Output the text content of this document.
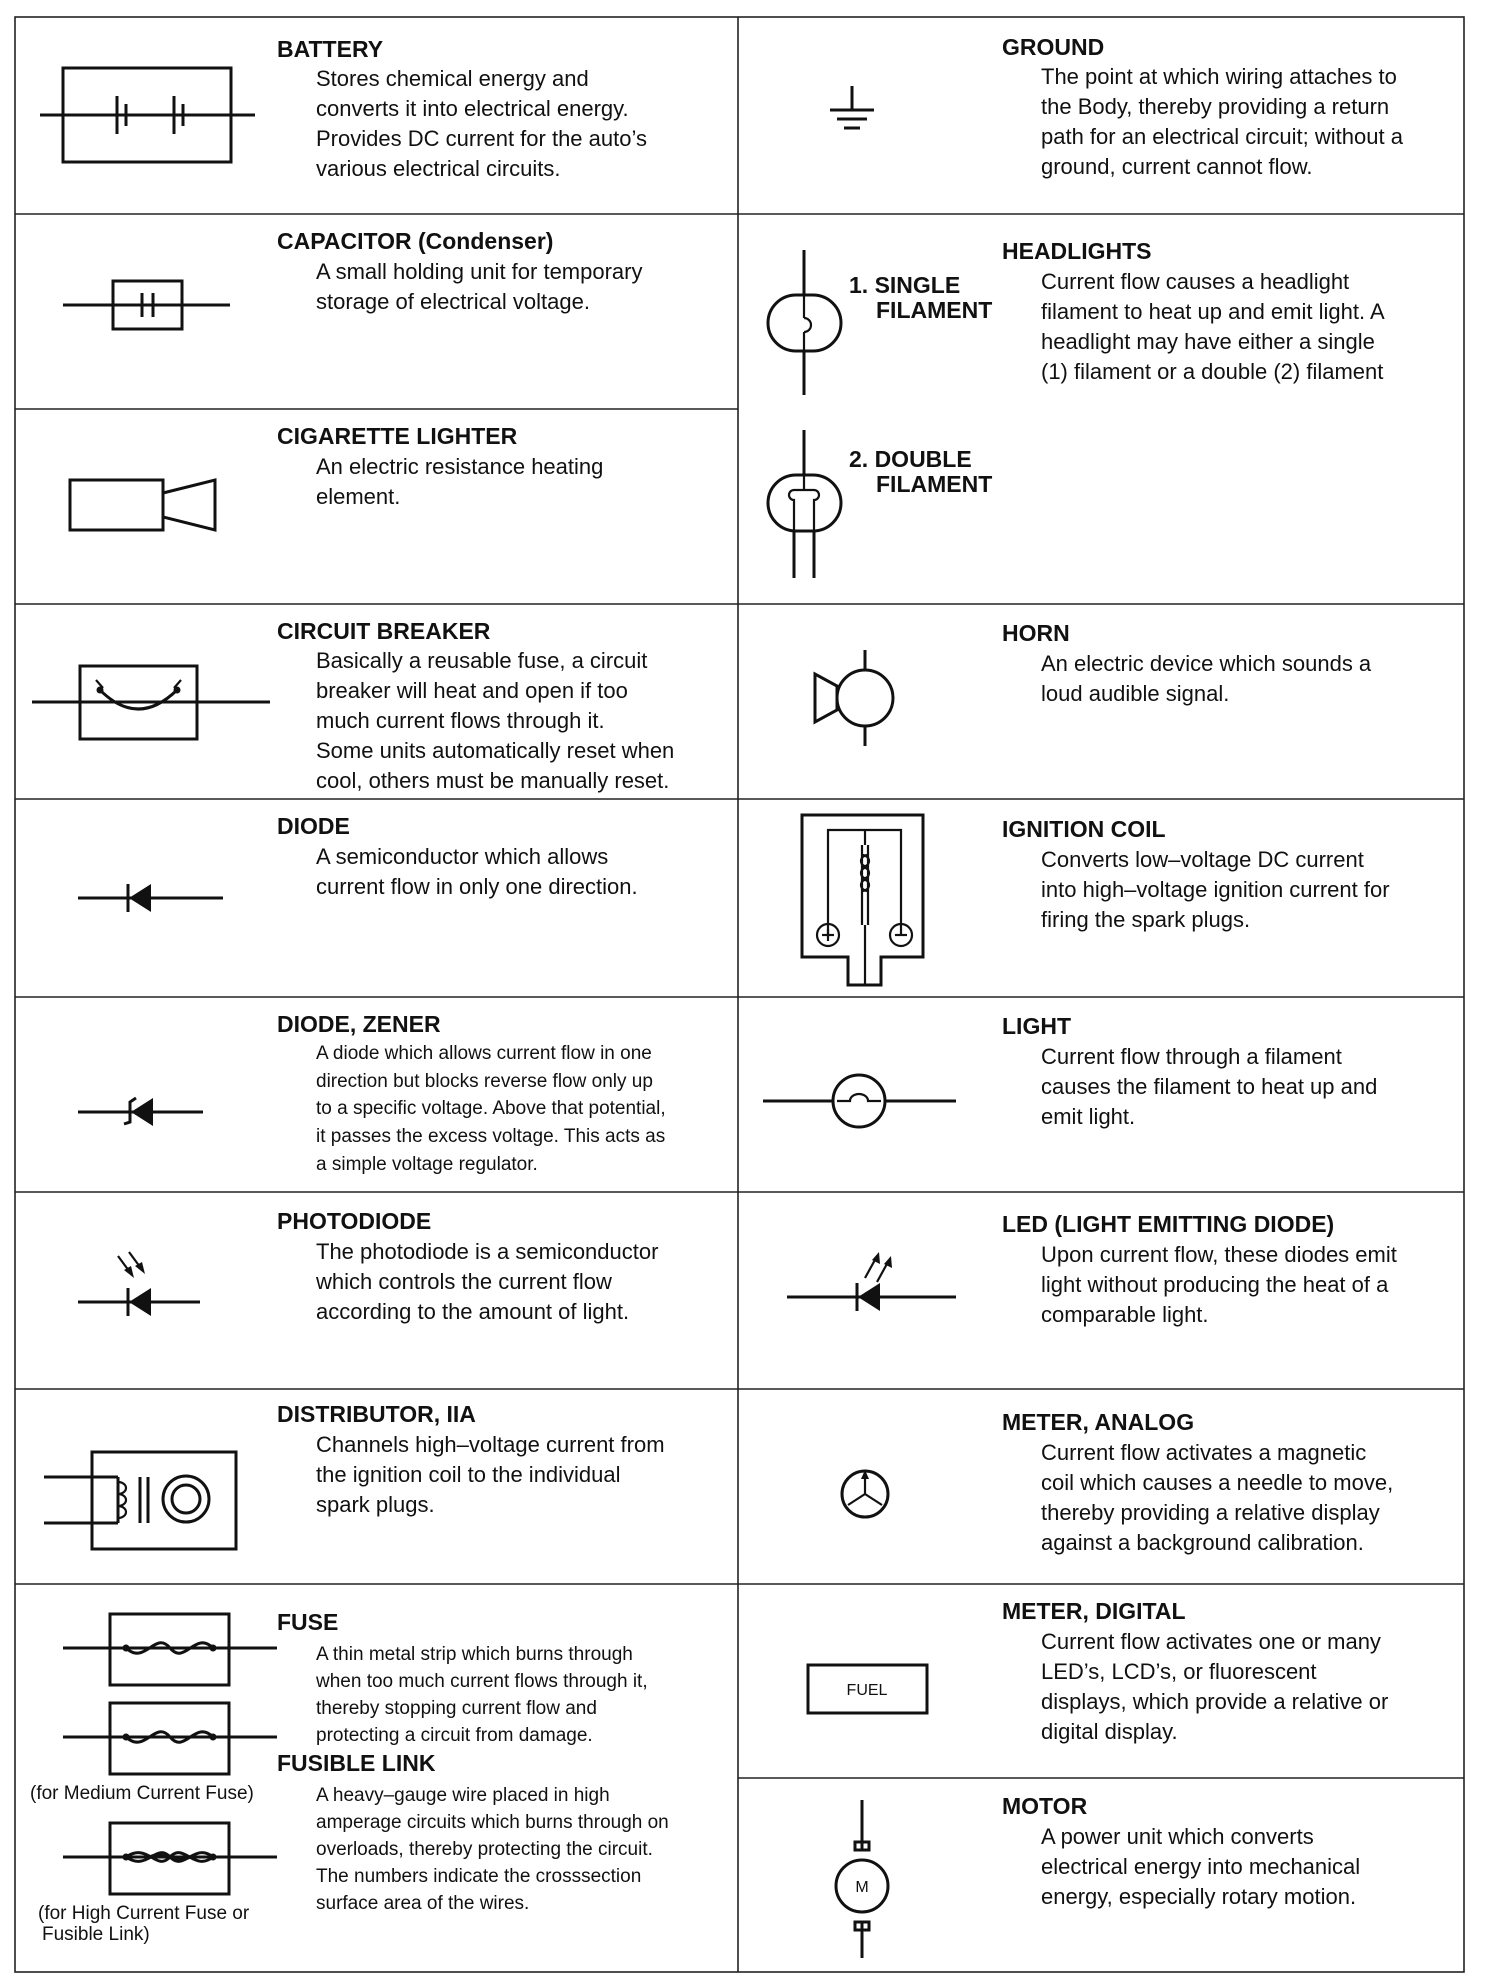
BATTERY
Stores chemical energy and
converts it into electrical energy.
Provides DC current for the auto’s
various electrical circuits.
CAPACITOR (Condenser)
A small holding unit for temporary
storage of electrical voltage.
CIGARETTE LIGHTER
An electric resistance heating
element.
CIRCUIT BREAKER
Basically a reusable fuse, a circuit
breaker will heat and open if too
much current flows through it.
Some units automatically reset when
cool, others must be manually reset.
DIODE
A semiconductor which allows
current flow in only one direction.
DIODE, ZENER
A diode which allows current flow in one
direction but blocks reverse flow only up
to a specific voltage. Above that potential,
it passes the excess voltage. This acts as
a simple voltage regulator.
PHOTODIODE
The photodiode is a semiconductor
which controls the current flow
according to the amount of light.
DISTRIBUTOR, IIA
Channels high–voltage current from
the ignition coil to the individual
spark plugs.
(for Medium Current Fuse)
(for High Current Fuse or
Fusible Link)
FUSE
A thin metal strip which burns through
when too much current flows through it,
thereby stopping current flow and
protecting a circuit from damage.
FUSIBLE LINK
A heavy–gauge wire placed in high
amperage circuits which burns through on
overloads, thereby protecting the circuit.
The numbers indicate the crosssection
surface area of the wires.
GROUND
The point at which wiring attaches to
the Body, thereby providing a return
path for an electrical circuit; without a
ground, current cannot flow.
1. SINGLE
FILAMENT
2. DOUBLE
FILAMENT
HEADLIGHTS
Current flow causes a headlight
filament to heat up and emit light. A
headlight may have either a single
(1) filament or a double (2) filament
HORN
An electric device which sounds a
loud audible signal.
IGNITION COIL
Converts low–voltage DC current
into high–voltage ignition current for
firing the spark plugs.
LIGHT
Current flow through a filament
causes the filament to heat up and
emit light.
LED (LIGHT EMITTING DIODE)
Upon current flow, these diodes emit
light without producing the heat of a
comparable light.
METER, ANALOG
Current flow activates a magnetic
coil which causes a needle to move,
thereby providing a relative display
against a background calibration.
FUEL
METER, DIGITAL
Current flow activates one or many
LED’s, LCD’s, or fluorescent
displays, which provide a relative or
digital display.
M
MOTOR
A power unit which converts
electrical energy into mechanical
energy, especially rotary motion.
